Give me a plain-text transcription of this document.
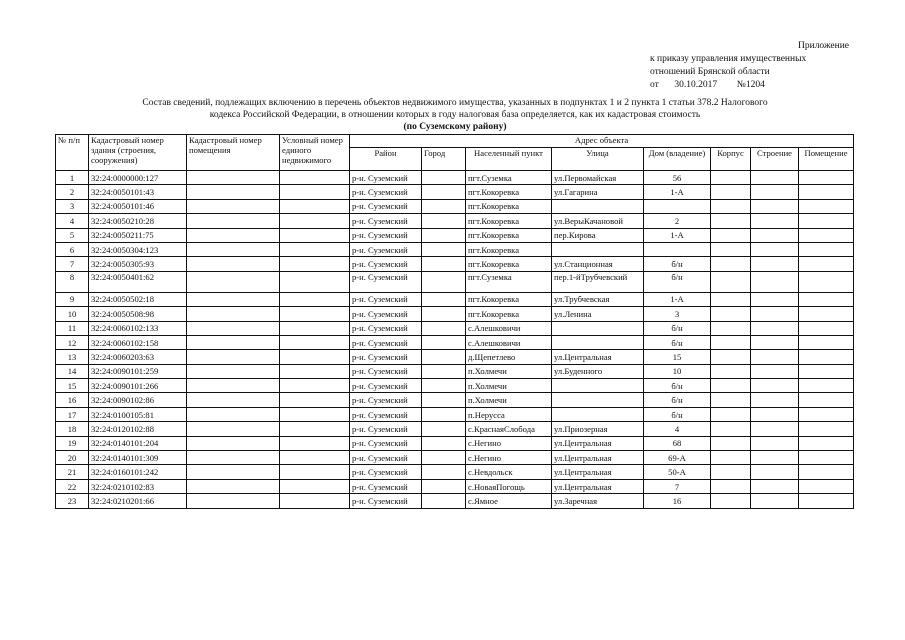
Приложение
к приказу управления имущественных
отношений Брянской области
от 30.10.2017 №1204
Состав сведений, подлежащих включению в перечень объектов недвижимого имущества, указанных в подпунктах 1 и 2 пункта 1 статьи 378.2 Налогового
кодекса Российской Федерации, в отношении которых в году налоговая база определяется, как их кадастровая стоимость
(по Суземскому району)
№ п/п	Кадастровый номер здания (строения, сооружения)	Кадастровый номер помещения	Условный номер единого недвижимого	Адрес объекта							
				Район	Город	Населенный пункт	Улица	Дом (владение)	Корпус	Строение	Помещение
1	32:24:0000000:127			р-н. Суземский		пгт.Суземка	ул.Первомайская	56			
2	32:24:0050101:43			р-н. Суземский		пгт.Кокоревка	ул.Гагарина	1-А			
3	32:24:0050101:46			р-н. Суземский		пгт.Кокоревка					
4	32:24:0050210:28			р-н. Суземский		пгт.Кокоревка	ул.ВерыКачановой	2			
5	32:24:0050211:75			р-н. Суземский		пгт.Кокоревка	пер.Кирова	1-А			
6	32:24:0050304:123			р-н. Суземский		пгт.Кокоревка					
7	32:24:0050305:93			р-н. Суземский		пгт.Кокоревка	ул.Станционная	б/н			
8	32:24:0050401:62			р-н. Суземский		пгт.Суземка	пер.1-йТрубчевский	б/н			
9	32:24:0050502:18			р-н. Суземский		пгт.Кокоревка	ул.Трубчевская	1-А			
10	32:24:0050508:98			р-н. Суземский		пгт.Кокоревка	ул.Ленина	3			
11	32:24:0060102:133			р-н. Суземский		с.Алешковичи		б/н			
12	32:24:0060102:158			р-н. Суземский		с.Алешковичи		б/н			
13	32:24:0060203:63			р-н. Суземский		д.Щепетлево	ул.Центральная	15			
14	32:24:0090101:259			р-н. Суземский		п.Холмечи	ул.Буденного	10			
15	32:24:0090101:266			р-н. Суземский		п.Холмечи		б/н			
16	32:24:0090102:86			р-н. Суземский		п.Холмечи		б/н			
17	32:24:0100105:81			р-н. Суземский		п.Нерусса		б/н			
18	32:24:0120102:88			р-н. Суземский		с.КраснаяСлобода	ул.Приозерная	4			
19	32:24:0140101:204			р-н. Суземский		с.Негино	ул.Центральная	68			
20	32:24:0140101:309			р-н. Суземский		с.Негино	ул.Центральная	69-А			
21	32:24:0160101:242			р-н. Суземский		с.Невдольск	ул.Центральная	50-А			
22	32:24:0210102:83			р-н. Суземский		с.НоваяПогощь	ул.Центральная	7			
23	32:24:0210201:66			р-н. Суземский		с.Ямное	ул.Заречная	16			
